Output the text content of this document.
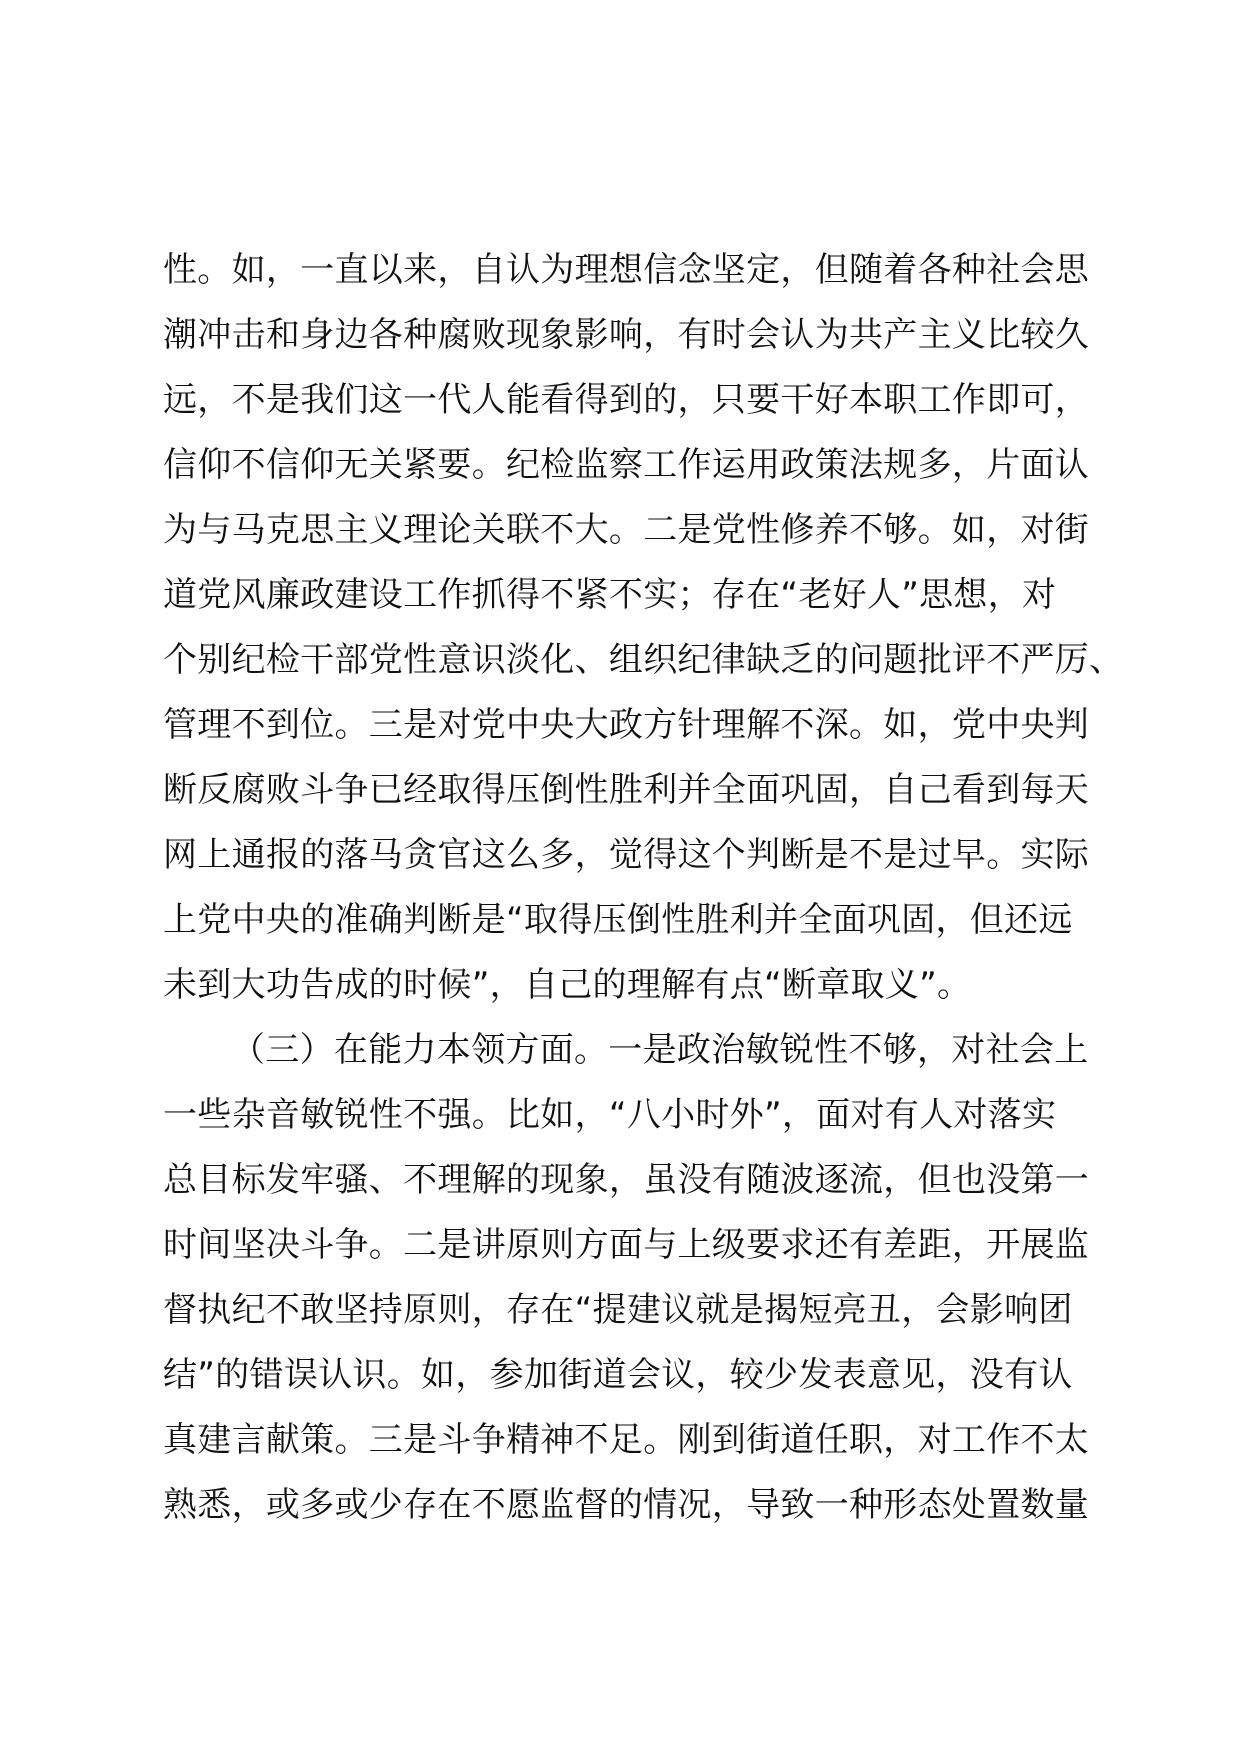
性。如，一直以来，自认为理想信念坚定，但随着各种社会思
潮冲击和身边各种腐败现象影响，有时会认为共产主义比较久
远，不是我们这一代人能看得到的，只要干好本职工作即可，
信仰不信仰无关紧要。纪检监察工作运用政策法规多，片面认
为与马克思主义理论关联不大。二是党性修养不够。如，对街
道党风廉政建设工作抓得不紧不实；存在“老好人”思想，对
个别纪检干部党性意识淡化、组织纪律缺乏的问题批评不严厉、
管理不到位。三是对党中央大政方针理解不深。如，党中央判
断反腐败斗争已经取得压倒性胜利并全面巩固，自己看到每天
网上通报的落马贪官这么多，觉得这个判断是不是过早。实际
上党中央的准确判断是“取得压倒性胜利并全面巩固，但还远
未到大功告成的时候”，自己的理解有点“断章取义”。
（三）在能力本领方面。一是政治敏锐性不够，对社会上
一些杂音敏锐性不强。比如，“八小时外”，面对有人对落实
总目标发牢骚、不理解的现象，虽没有随波逐流，但也没第一
时间坚决斗争。二是讲原则方面与上级要求还有差距，开展监
督执纪不敢坚持原则，存在“提建议就是揭短亮丑，会影响团
结”的错误认识。如，参加街道会议，较少发表意见，没有认
真建言献策。三是斗争精神不足。刚到街道任职，对工作不太
熟悉，或多或少存在不愿监督的情况，导致一种形态处置数量
